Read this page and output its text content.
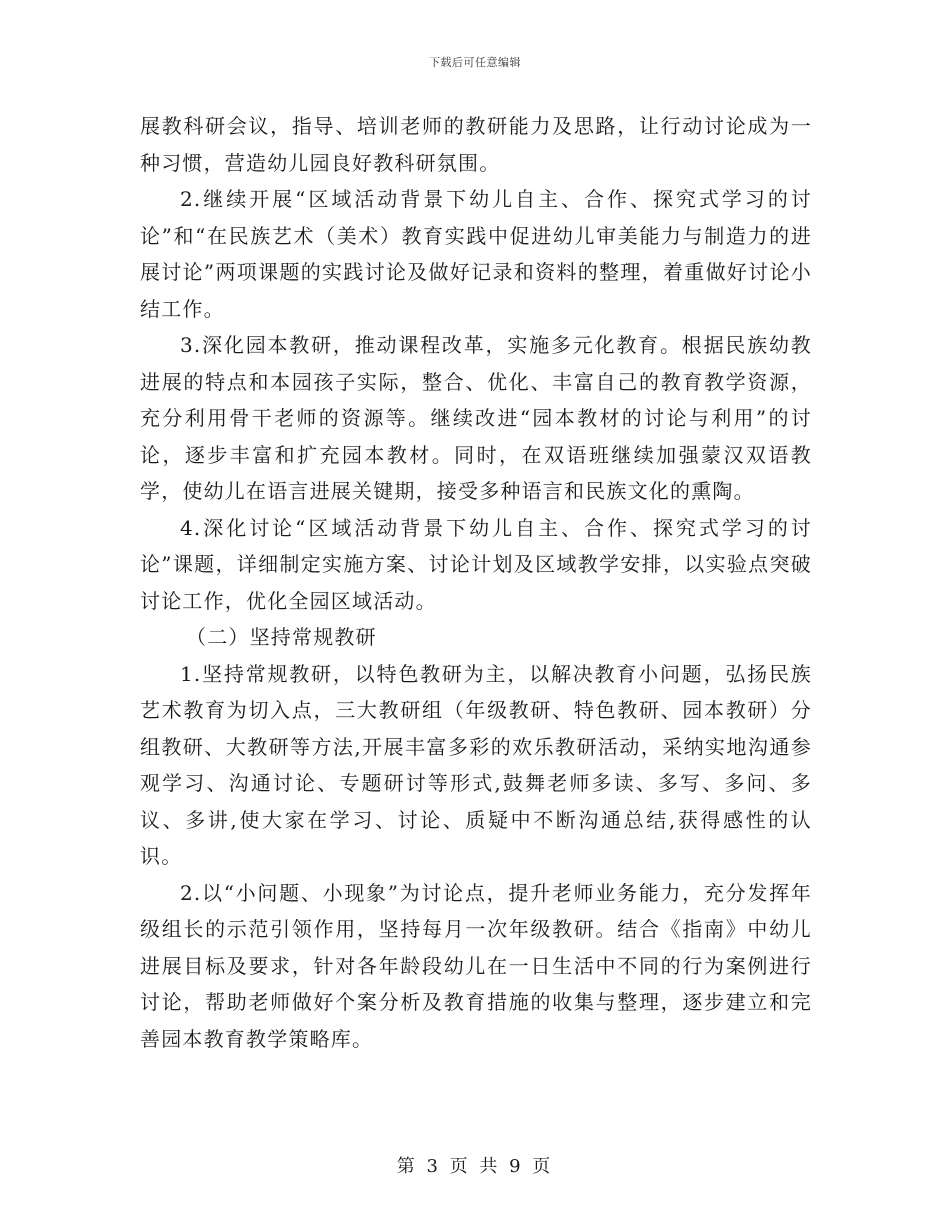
下载后可任意编辑

展教科研会议，指导、培训老师的教研能力及思路，让行动讨论成为一种习惯，营造幼儿园良好教科研氛围。

2.继续开展“区域活动背景下幼儿自主、合作、探究式学习的讨论”和“在民族艺术（美术）教育实践中促进幼儿审美能力与制造力的进展讨论”两项课题的实践讨论及做好记录和资料的整理，着重做好讨论小结工作。

3.深化园本教研，推动课程改革，实施多元化教育。根据民族幼教进展的特点和本园孩子实际，整合、优化、丰富自己的教育教学资源，充分利用骨干老师的资源等。继续改进“园本教材的讨论与利用”的讨论，逐步丰富和扩充园本教材。同时，在双语班继续加强蒙汉双语教学，使幼儿在语言进展关键期，接受多种语言和民族文化的熏陶。

4.深化讨论“区域活动背景下幼儿自主、合作、探究式学习的讨论”课题，详细制定实施方案、讨论计划及区域教学安排，以实验点突破讨论工作，优化全园区域活动。

（二）坚持常规教研

1.坚持常规教研，以特色教研为主，以解决教育小问题，弘扬民族艺术教育为切入点，三大教研组（年级教研、特色教研、园本教研）分组教研、大教研等方法,开展丰富多彩的欢乐教研活动，采纳实地沟通参观学习、沟通讨论、专题研讨等形式,鼓舞老师多读、多写、多问、多议、多讲,使大家在学习、讨论、质疑中不断沟通总结,获得感性的认识。

2.以“小问题、小现象”为讨论点，提升老师业务能力，充分发挥年级组长的示范引领作用，坚持每月一次年级教研。结合《指南》中幼儿进展目标及要求，针对各年龄段幼儿在一日生活中不同的行为案例进行讨论，帮助老师做好个案分析及教育措施的收集与整理，逐步建立和完善园本教育教学策略库。

第 3 页 共 9 页
